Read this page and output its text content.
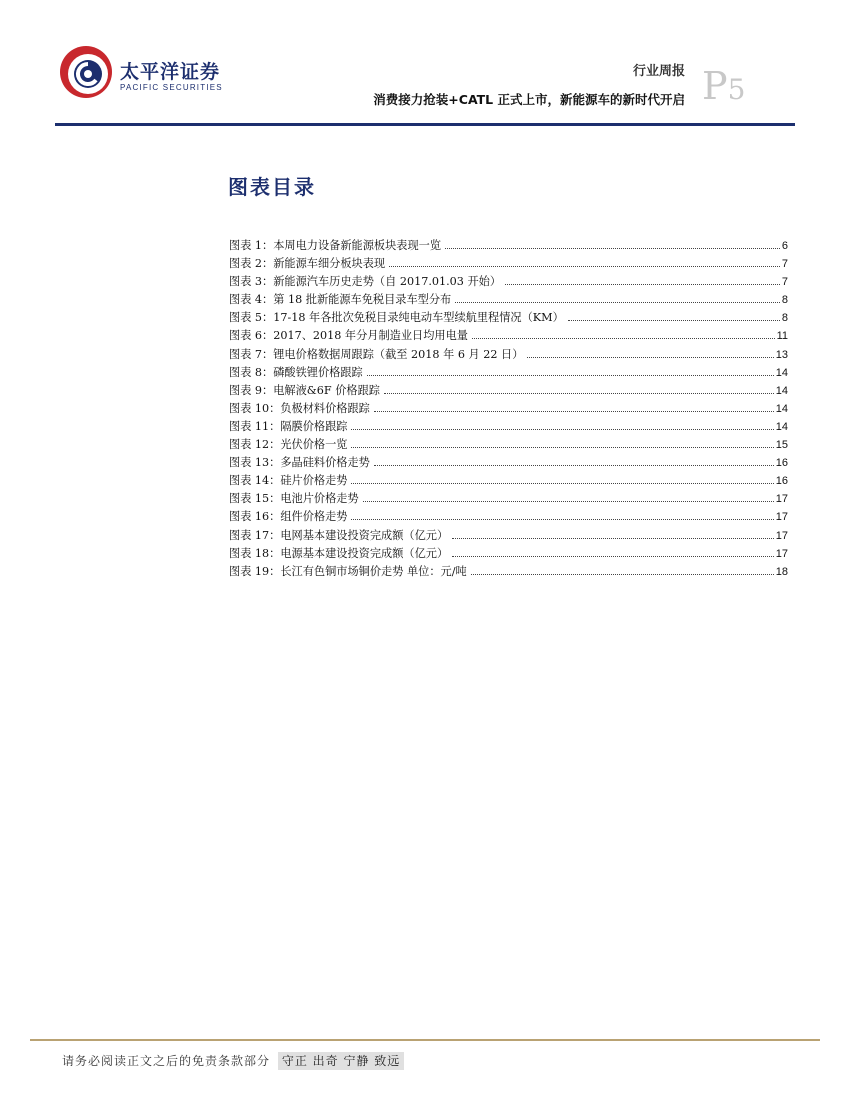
太平洋证券
PACIFIC SECURITIES
行业周报
消费接力抢装+CATL 正式上市，新能源车的新时代开启 P5
图表目录
图表 1：本周电力设备新能源板块表现一览	6
图表 2：新能源车细分板块表现	7
图表 3：新能源汽车历史走势（自 2017.01.03 开始）	7
图表 4：第 18 批新能源车免税目录车型分布	8
图表 5：17-18 年各批次免税目录纯电动车型续航里程情况（KM）	8
图表 6：2017、2018 年分月制造业日均用电量	11
图表 7：锂电价格数据周跟踪（截至 2018 年 6 月 22 日）	13
图表 8：磷酸铁锂价格跟踪	14
图表 9：电解液&6F 价格跟踪	14
图表 10：负极材料价格跟踪	14
图表 11：隔膜价格跟踪	14
图表 12：光伏价格一览	15
图表 13：多晶硅料价格走势	16
图表 14：硅片价格走势	16
图表 15：电池片价格走势	17
图表 16：组件价格走势	17
图表 17：电网基本建设投资完成额（亿元）	17
图表 18：电源基本建设投资完成额（亿元）	17
图表 19：长江有色铜市场铜价走势 单位：元/吨	18
请务必阅读正文之后的免责条款部分 守正 出奇 宁静 致远
